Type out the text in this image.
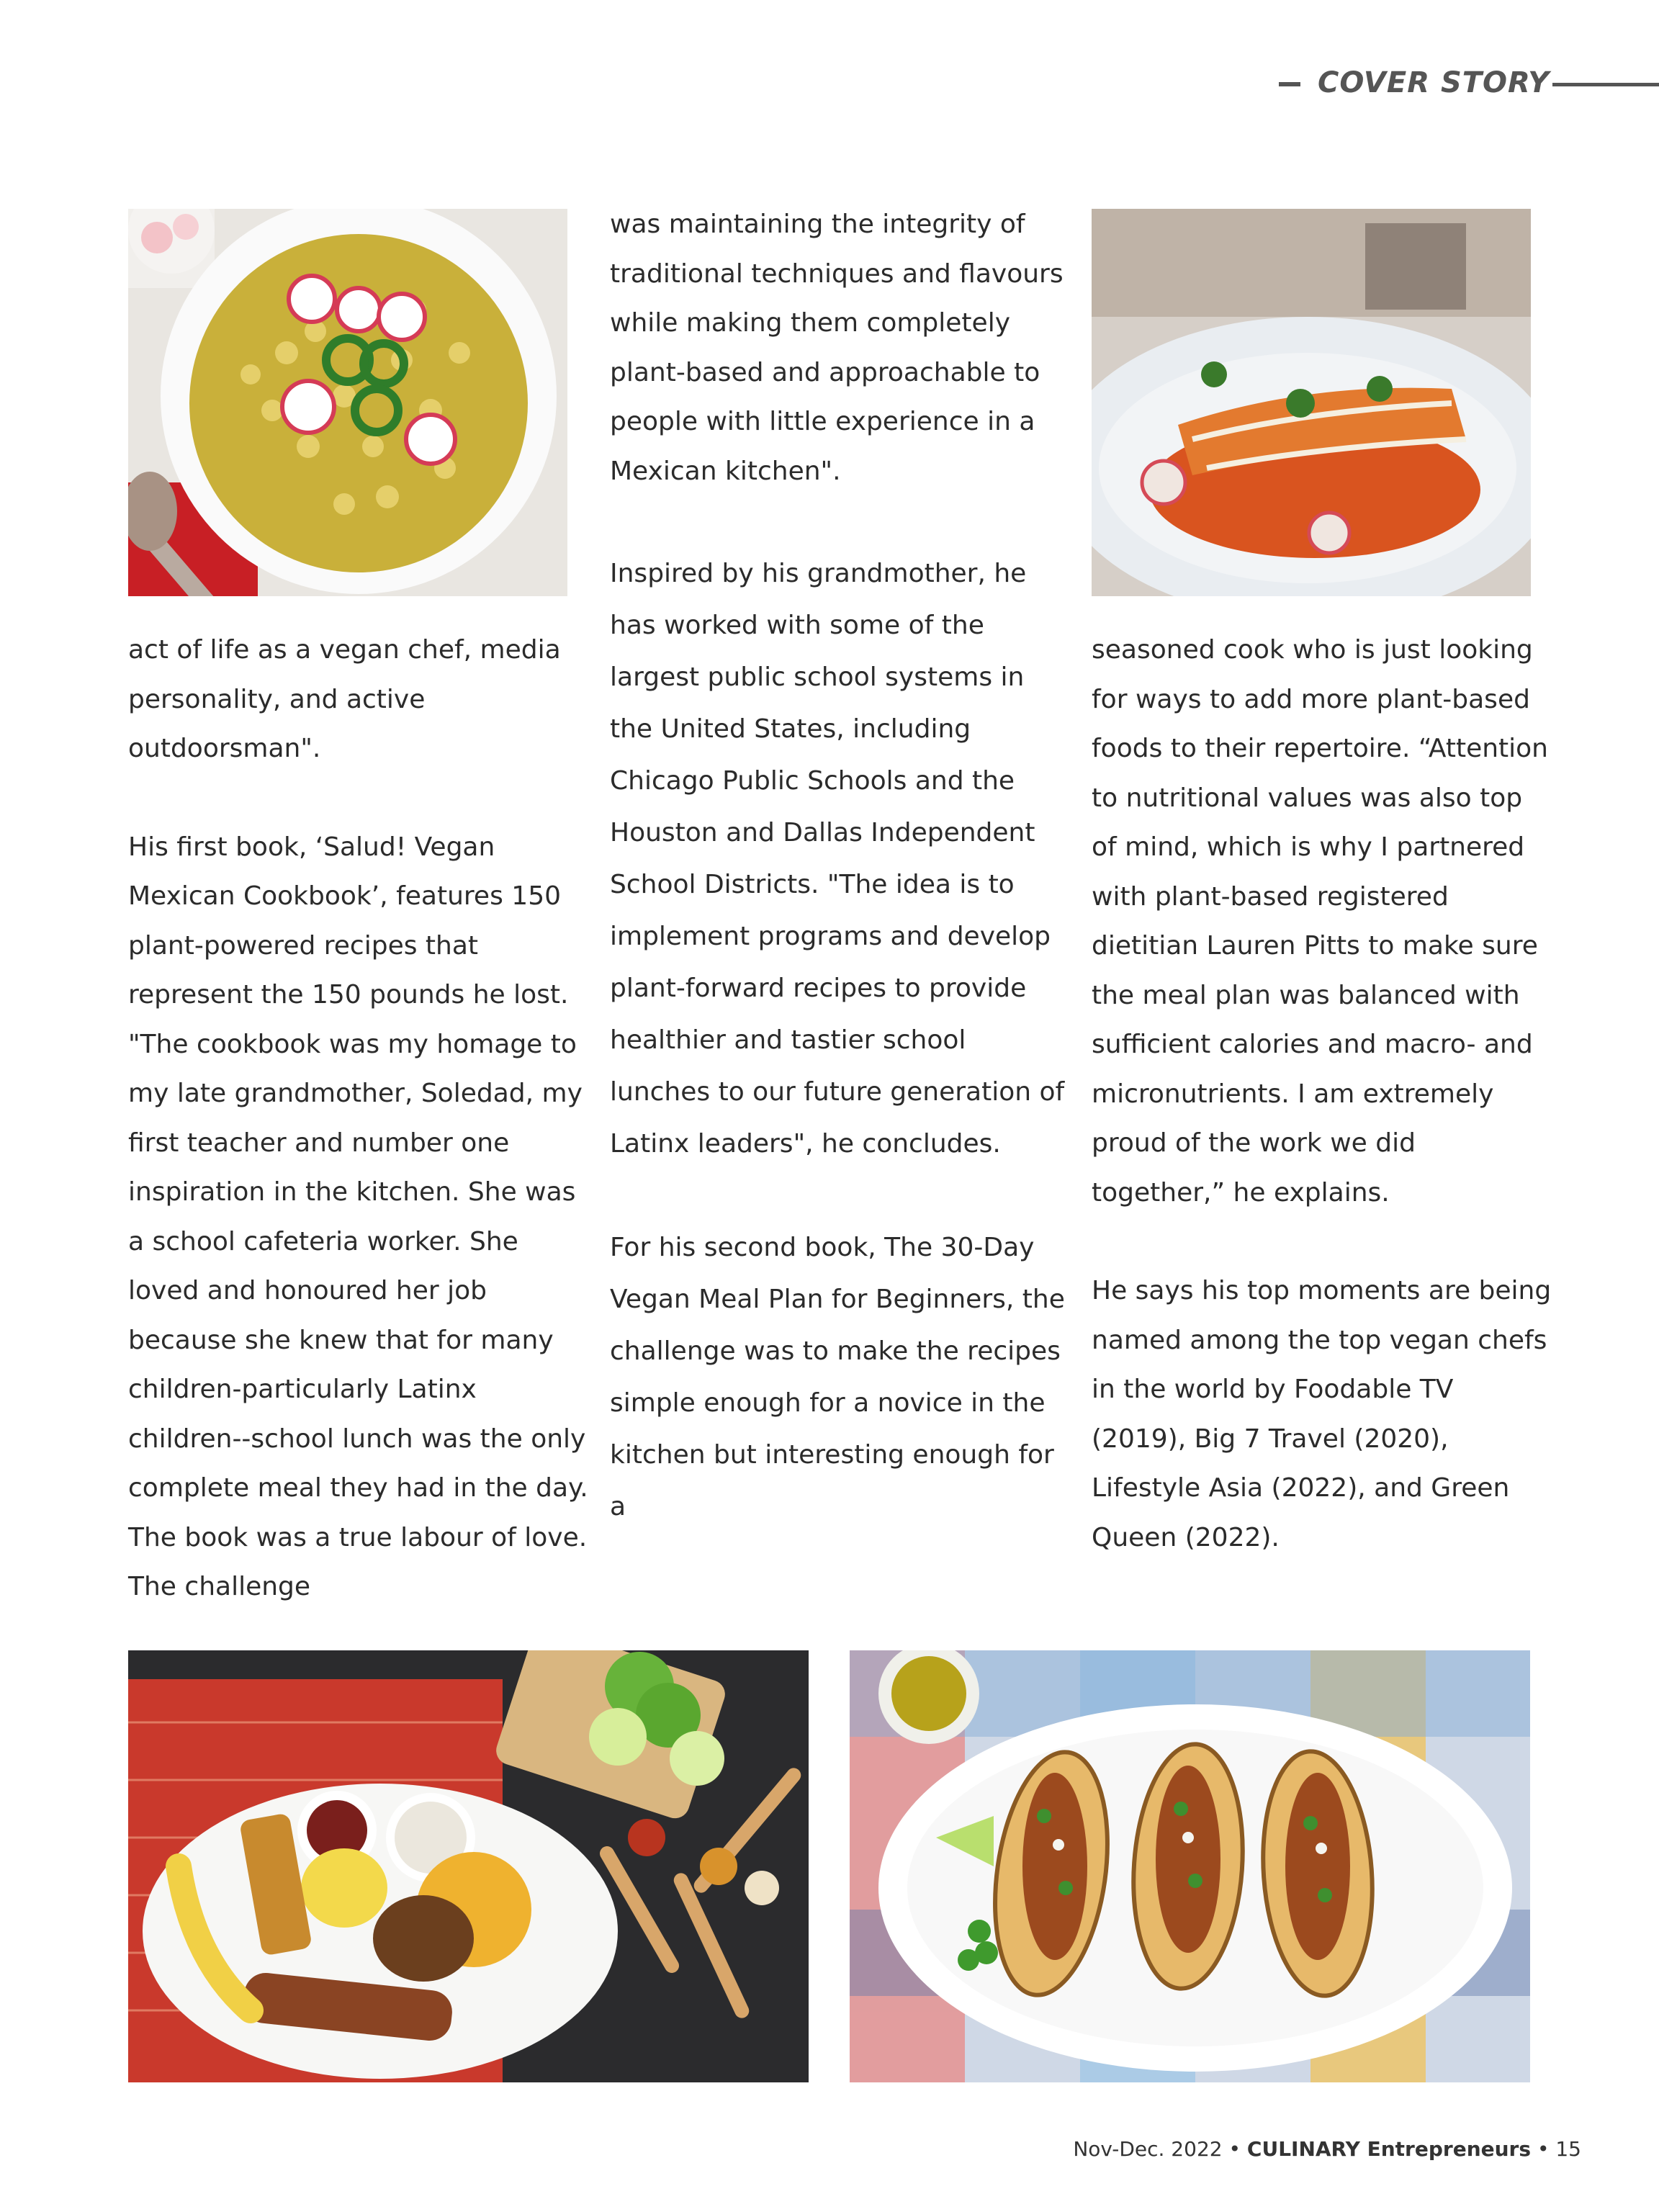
COVER STORY

act of life as a vegan chef, media personality, and active outdoorsman".

His first book, ‘Salud! Vegan Mexican Cookbook’, features 150 plant-powered recipes that represent the 150 pounds he lost. "The cookbook was my homage to my late grandmother, Soledad, my first teacher and number one inspiration in the kitchen. She was a school cafeteria worker. She loved and honoured her job because she knew that for many children-particularly Latinx children--school lunch was the only complete meal they had in the day. The book was a true labour of love. The challenge

was maintaining the integrity of traditional techniques and flavours while making them completely plant-based and approachable to people with little experience in a Mexican kitchen".

Inspired by his grandmother, he has worked with some of the largest public school systems in the United States, including Chicago Public Schools and the Houston and Dallas Independent School Districts. "The idea is to implement programs and develop plant-forward recipes to provide healthier and tastier school lunches to our future generation of Latinx leaders", he concludes.

For his second book, The 30-Day Vegan Meal Plan for Beginners, the challenge was to make the recipes simple enough for a novice in the kitchen but interesting enough for a

seasoned cook who is just looking for ways to add more plant-based foods to their repertoire. “Attention to nutritional values was also top of mind, which is why I partnered with plant-based registered dietitian Lauren Pitts to make sure the meal plan was balanced with sufficient calories and macro- and micronutrients. I am extremely proud of the work we did together,” he explains.

He says his top moments are being named among the top vegan chefs in the world by Foodable TV (2019), Big 7 Travel (2020), Lifestyle Asia (2022), and Green Queen (2022).

Nov-Dec. 2022 • CULINARY Entrepreneurs • 15
